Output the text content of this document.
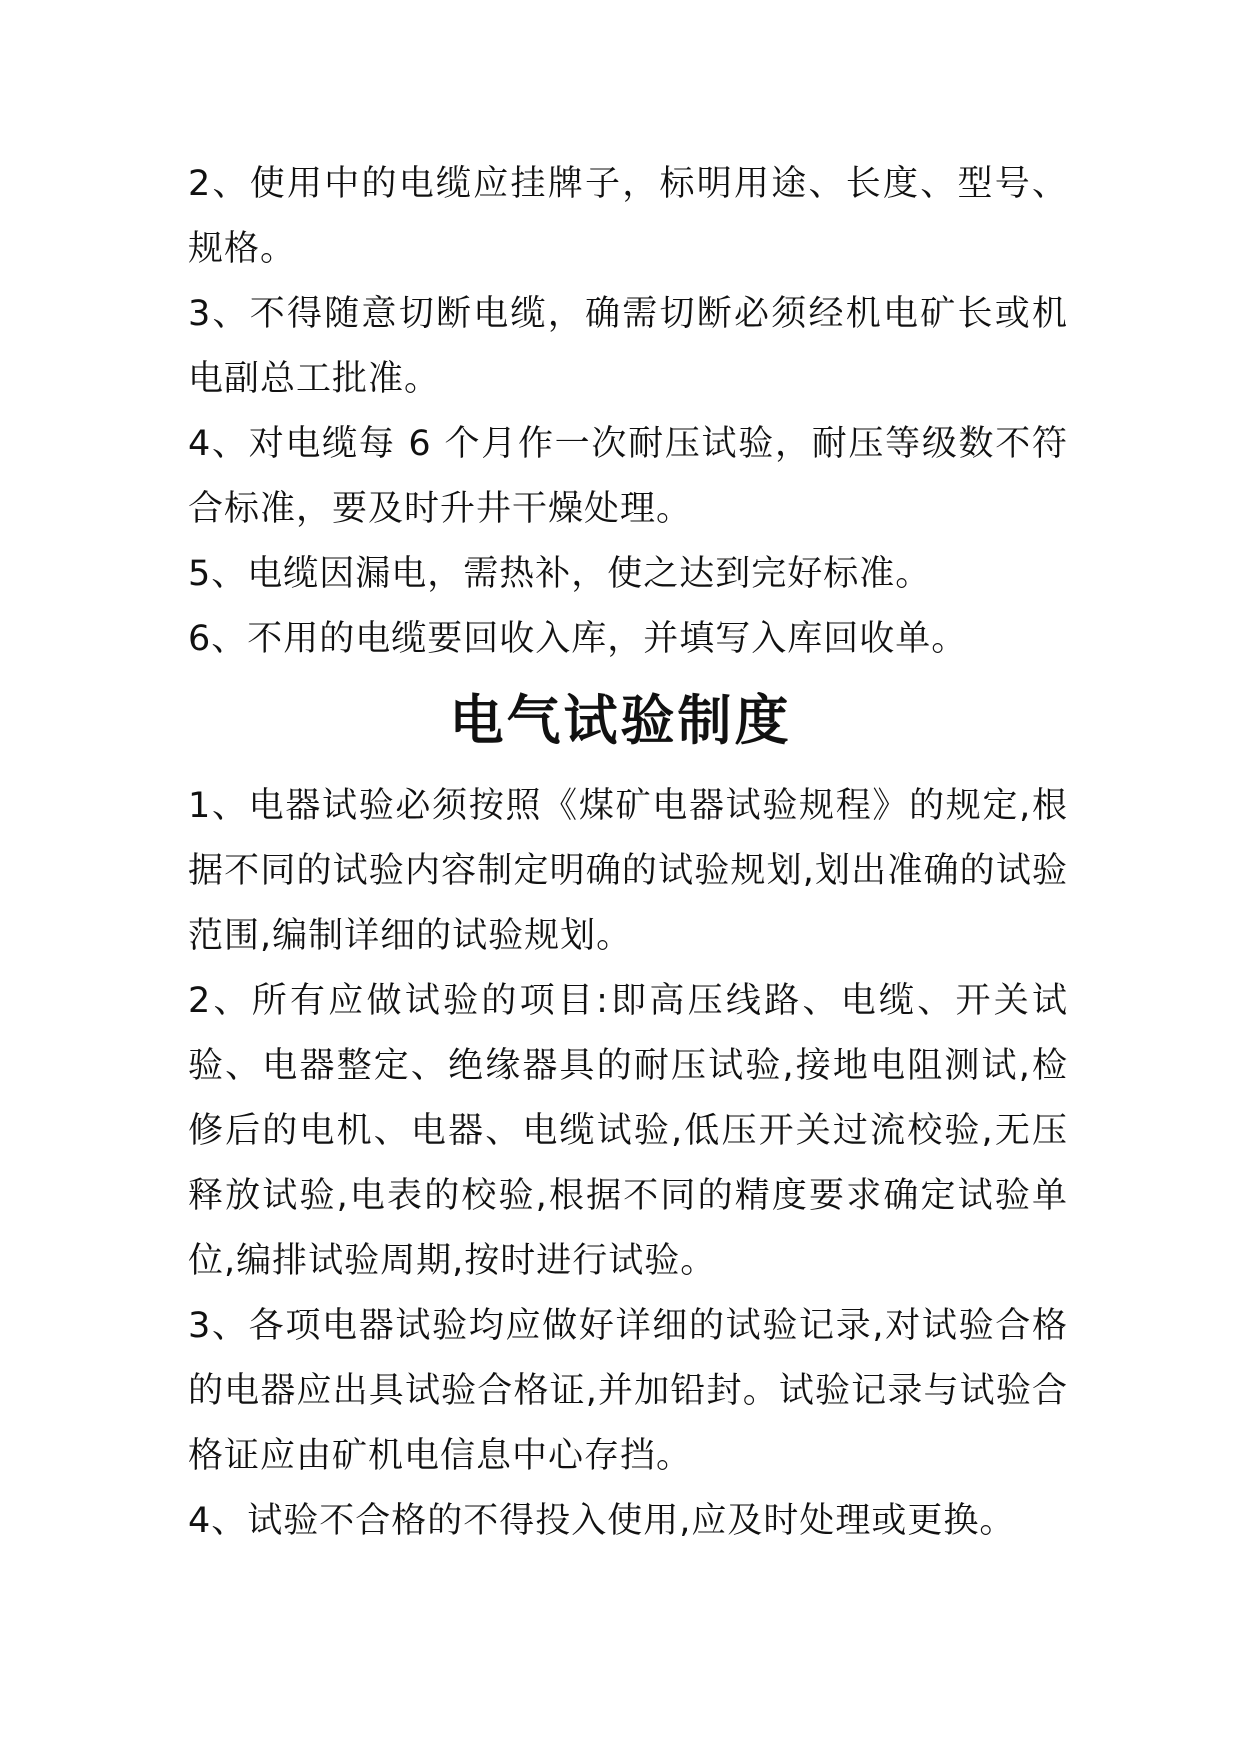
2、使用中的电缆应挂牌子，标明用途、长度、型号、规格。

3、不得随意切断电缆，确需切断必须经机电矿长或机电副总工批准。

4、对电缆每 6 个月作一次耐压试验，耐压等级数不符合标准，要及时升井干燥处理。

5、电缆因漏电，需热补，使之达到完好标准。

6、不用的电缆要回收入库，并填写入库回收单。

电气试验制度

1、电器试验必须按照《煤矿电器试验规程》的规定,根据不同的试验内容制定明确的试验规划,划出准确的试验范围,编制详细的试验规划。

2、所有应做试验的项目:即高压线路、电缆、开关试验、电器整定、绝缘器具的耐压试验,接地电阻测试,检修后的电机、电器、电缆试验,低压开关过流校验,无压释放试验,电表的校验,根据不同的精度要求确定试验单位,编排试验周期,按时进行试验。

3、各项电器试验均应做好详细的试验记录,对试验合格的电器应出具试验合格证,并加铅封。试验记录与试验合格证应由矿机电信息中心存挡。

4、试验不合格的不得投入使用,应及时处理或更换。
